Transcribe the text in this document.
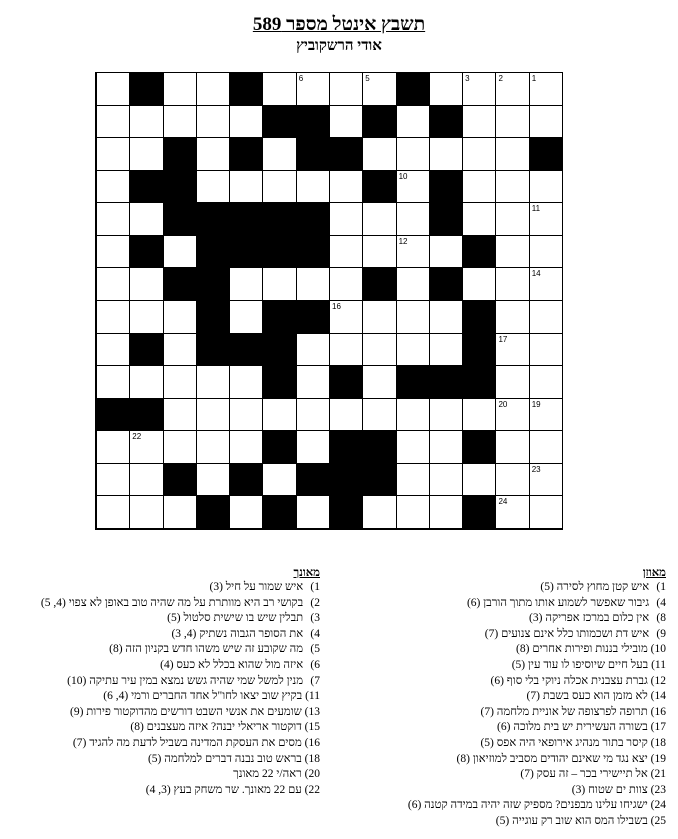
תשבץ אינטל מספר 589
אודי הרשקוביץ
1
2
3
5
6
10
11
12
14
16
17
19
20
22
23
24
מאוזן
1) איש קטן מחוץ לסירה (5)
4) גיבור שאפשר לשמוע אותו מתוך הורבן (6)
8) אין כלום במרכז אפריקה (3)
9) איש דת ושכמותו כלל אינם צנועים (7)
10) מובילי בננות ופירות אחרים (8)
11) בעל חיים שיוסיפו לו עוד עין (5)
12) גברת עצבנית אכלה ניוקי בלי סוף (6)
14) לא מזמן הוא כעס בשבת (7)
16) תרופה לפרצופה של אוניית מלחמה (7)
17) בשורה העשירית יש בית מלוכה (6)
18) קיסר בתור מנהיג אירופאי היה אפס (5)
19) יצא נגד מי שאינם יהודים מסביב למוזיאון (8)
21) אל תיישירי בכר – זה עסק (7)
23) צוות ים שטוח (3)
24) ישגיחו עלינו מבפנים? מספיק שזה יהיה במידה קטנה (6)
25) בשבילו המס הוא שוב רק עוגייה (5)
מאונך
1) איש שמור על חיל (3)
2) בקושי רב היא מוותרת על מה שהיה טוב באופן לא צפוי (4, 5)
3) תבלין שיש בו שישית סלטול (5)
4) את הסופר הגבוה נשתיק (4, 3)
5) מה שקובע זה שיש משהו חדש בקניון הזה (8)
6) איזה מול שהוא בכלל לא כעס (4)
7) מנין למשל שמי שהיה גשש נמצא במין עיר עתיקה (10)
11) בקיץ שוב יצאו לחו"ל אחד החברים ורמי (4, 6)
13) שומעים את אנשי השבט דורשים מהדוקטור פירות (9)
15) דוקטור אריאלי יבנה? איזה מעצבנים (8)
16) מסים את העסקת המדינה בשביל לדעת מה להגיד (7)
18) בראש טוב נבנה דברים למלחמה (5)
20) ראה/י 22 מאונך
22) עם 22 מאונך. שר משחק בעץ (3, 4)
